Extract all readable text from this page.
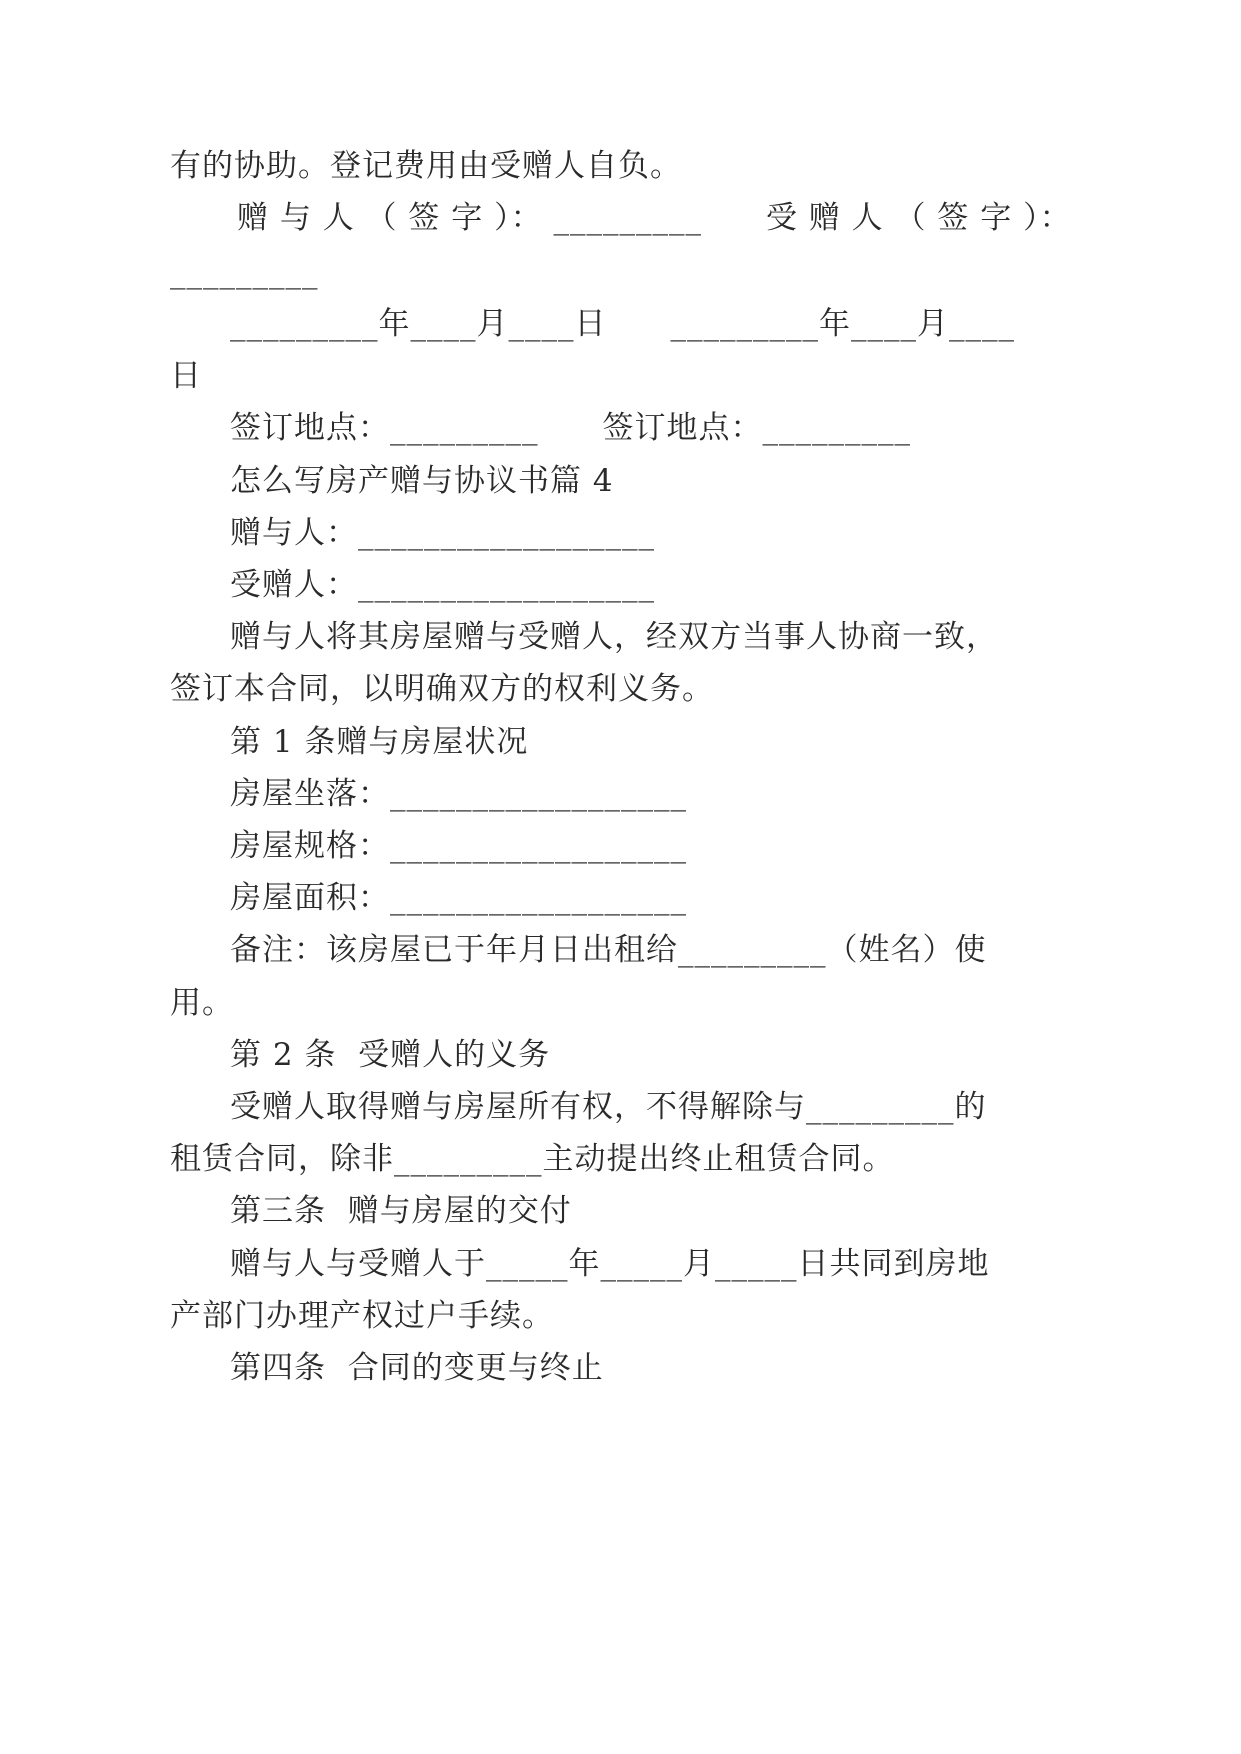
有的协助。登记费用由受赠人自负。
赠 与 人 （ 签 字 ）： _________　　受 赠 人 （ 签 字 ）：
_________
_________年____月____日　　_________年____月____
日
签订地点：_________　　签订地点：_________
怎么写房产赠与协议书篇 4
赠与人：__________________
受赠人：__________________
赠与人将其房屋赠与受赠人，经双方当事人协商一致，
签订本合同，以明确双方的权利义务。
第 1 条赠与房屋状况
房屋坐落：__________________
房屋规格：__________________
房屋面积：__________________
备注：该房屋已于年月日出租给_________（姓名）使
用。
第 2 条  受赠人的义务
受赠人取得赠与房屋所有权，不得解除与_________的
租赁合同，除非_________主动提出终止租赁合同。
第三条  赠与房屋的交付
赠与人与受赠人于_____年_____月_____日共同到房地
产部门办理产权过户手续。
第四条  合同的变更与终止
